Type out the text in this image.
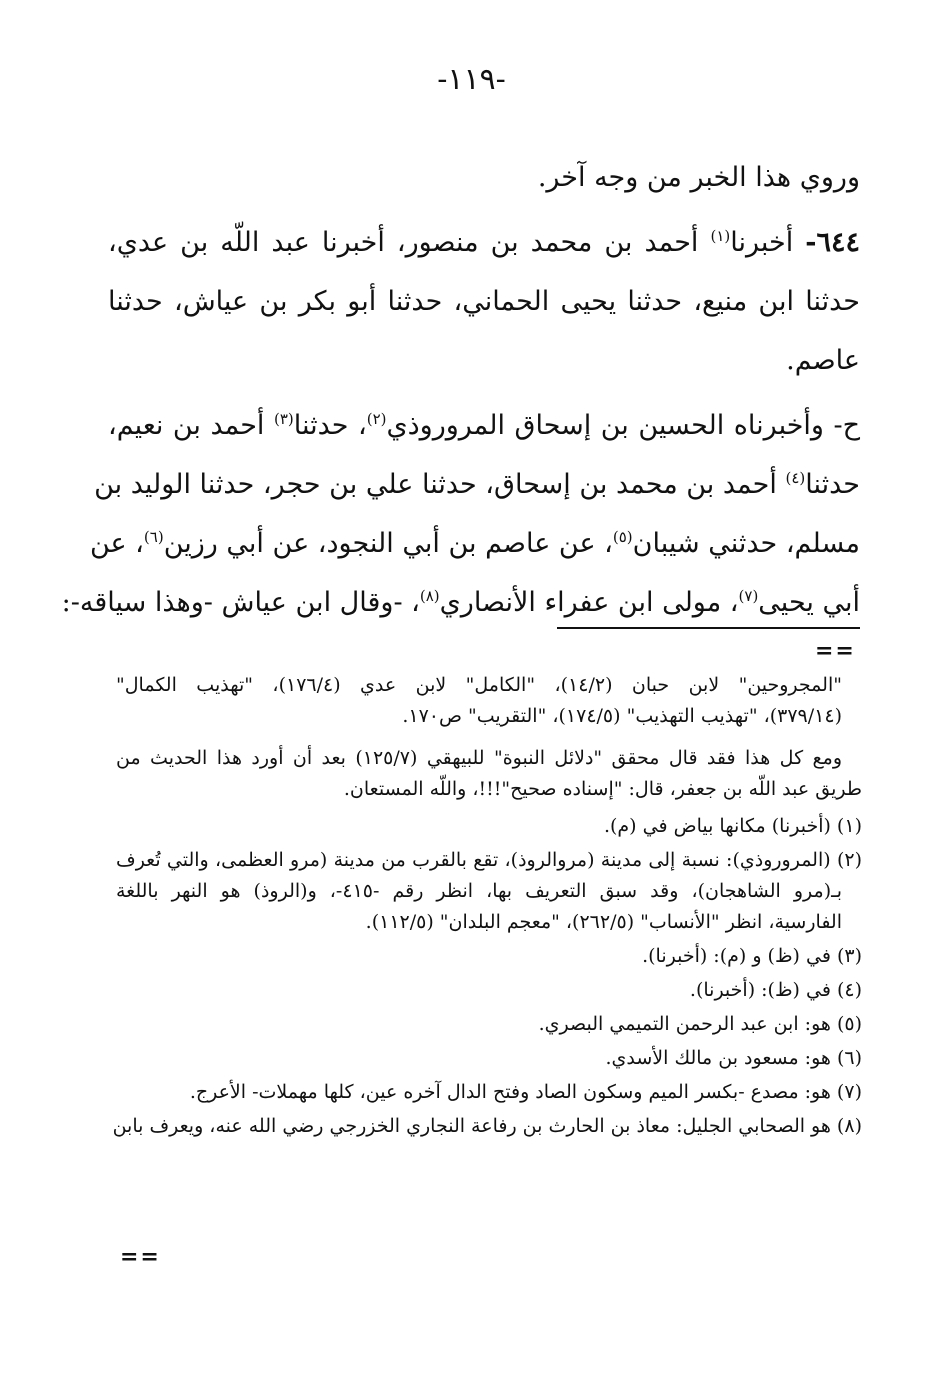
-١١٩-

وروي هذا الخبر من وجه آخر.

٦٤٤- أخبرنا$^{(١)}$ أحمد بن محمد بن منصور، أخبرنا عبد اللّه بن عدي،

حدثنا ابن منيع، حدثنا يحيى الحماني، حدثنا أبو بكر بن عياش، حدثنا

عاصم.

ح- وأخبرناه الحسين بن إسحاق المروروذي$^{(٢)}$، حدثنا$^{(٣)}$ أحمد بن نعيم،

حدثنا$^{(٤)}$ أحمد بن محمد بن إسحاق، حدثنا علي بن حجر، حدثنا الوليد بن

مسلم، حدثني شيبان$^{(٥)}$، عن عاصم بن أبي النجود، عن أبي رزين$^{(٦)}$، عن

أبي يحيى$^{(٧)}$، مولى ابن عفراء الأنصاري$^{(٨)}$، -وقال ابن عياش -وهذا سياقه-:

==
"المجروحين" لابن حبان (١٤/٢)، "الكامل" لابن عدي (١٧٦/٤)، "تهذيب الكمال"
(٣٧٩/١٤)، "تهذيب التهذيب" (١٧٤/٥)، "التقريب" ص١٧٠.
ومع كل هذا فقد قال محقق "دلائل النبوة" للبيهقي (١٢٥/٧) بعد أن أورد هذا الحديث من
طريق عبد اللّه بن جعفر، قال: "إسناده صحيح"!!!، واللّه المستعان.
(١) (أخبرنا) مكانها بياض في (م).
(٢) (المروروذي): نسبة إلى مدينة (مروالروذ)، تقع بالقرب من مدينة (مرو العظمى، والتي تُعرف
بـ(مرو الشاهجان)، وقد سبق التعريف بها، انظر رقم -٤١٥-، و(الروذ) هو النهر باللغة
الفارسية، انظر "الأنساب" (٢٦٢/٥)، "معجم البلدان" (١١٢/٥).
(٣) في (ظ) و (م): (أخبرنا).
(٤) في (ظ): (أخبرنا).
(٥) هو: ابن عبد الرحمن التميمي البصري.
(٦) هو: مسعود بن مالك الأسدي.
(٧) هو: مصدع -بكسر الميم وسكون الصاد وفتح الدال آخره عين، كلها مهملات- الأعرج.
(٨) هو الصحابي الجليل: معاذ بن الحارث بن رفاعة النجاري الخزرجي رضي الله عنه، ويعرف بابن
==
